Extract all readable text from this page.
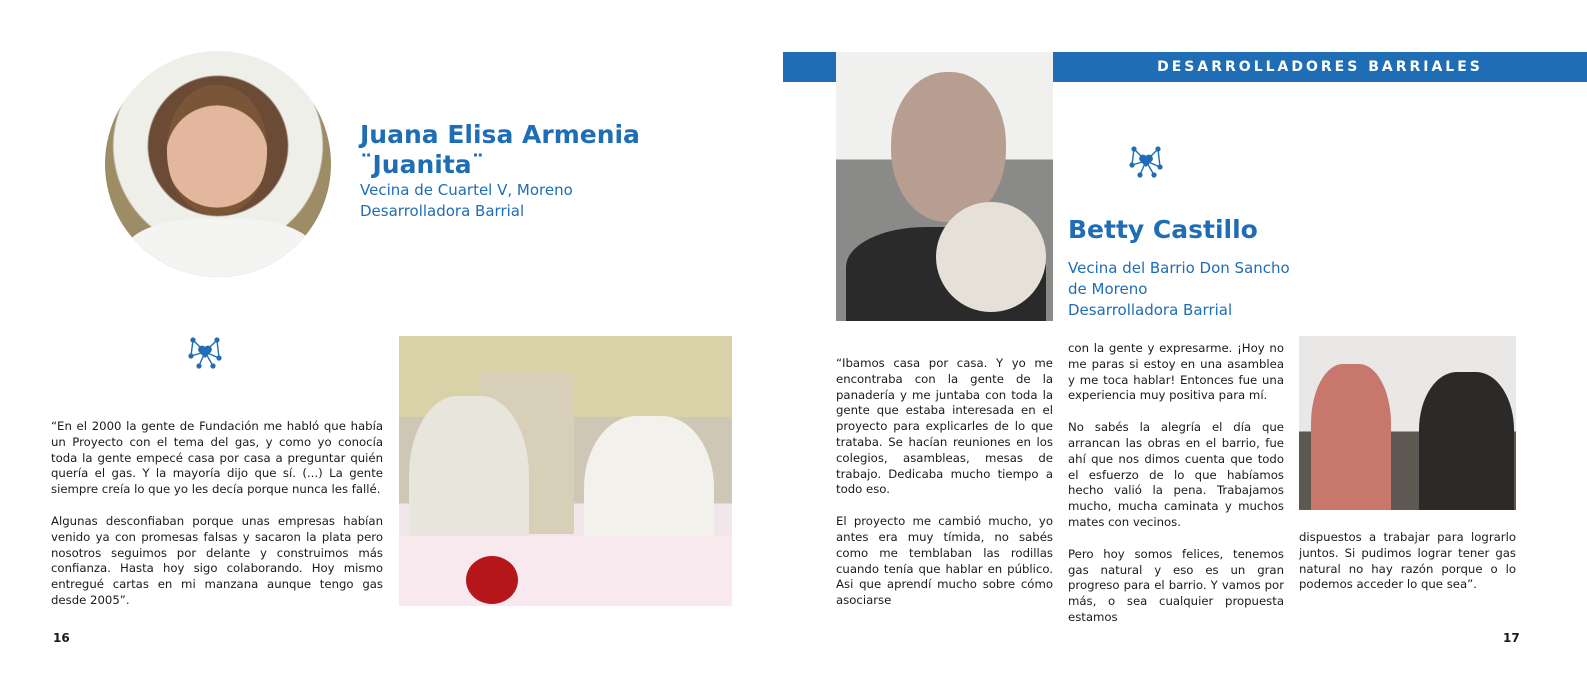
Juana Elisa Armenia
¨Juanita¨
Vecina de Cuartel V, Moreno
Desarrolladora Barrial

“En el 2000 la gente de Fundación me habló que había un Proyecto con el tema del gas, y como yo conocía toda la gente empecé casa por casa a preguntar quién quería el gas. Y la mayoría dijo que sí. (...) La gente siempre creía lo que yo les decía porque nunca les fallé.

Algunas desconfiaban porque unas empresas habían venido ya con promesas falsas y sacaron la plata pero nosotros seguimos por delante y construimos más confianza. Hasta hoy sigo colaborando. Hoy mismo entregué cartas en mi manzana aunque tengo gas desde 2005”.

16
DESARROLLADORES BARRIALES
Betty Castillo
Vecina del Barrio Don Sancho
de Moreno
Desarrolladora Barrial

“Ibamos casa por casa. Y yo me encontraba con la gente de la panadería y me juntaba con toda la gente que estaba interesada en el proyecto para explicarles de lo que trataba. Se hacían reuniones en los colegios, asambleas, mesas de trabajo. Dedicaba mucho tiempo a todo eso.

El proyecto me cambió mucho, yo antes era muy tímida, no sabés como me temblaban las rodillas cuando tenía que hablar en público. Asi que aprendí mucho sobre cómo asociarse

con la gente y expresarme. ¡Hoy no me paras si estoy en una asamblea y me toca hablar! Entonces fue una experiencia muy positiva para mí.

No sabés la alegría el día que arrancan las obras en el barrio, fue ahí que nos dimos cuenta que todo el esfuerzo de lo que habíamos hecho valió la pena. Trabajamos mucho, mucha caminata y muchos mates con vecinos.

Pero hoy somos felices, tenemos gas natural y eso es un gran progreso para el barrio. Y vamos por más, o sea cualquier propuesta estamos

dispuestos a trabajar para lograrlo juntos. Si pudimos lograr tener gas natural no hay razón porque o lo podemos acceder lo que sea”.

17
